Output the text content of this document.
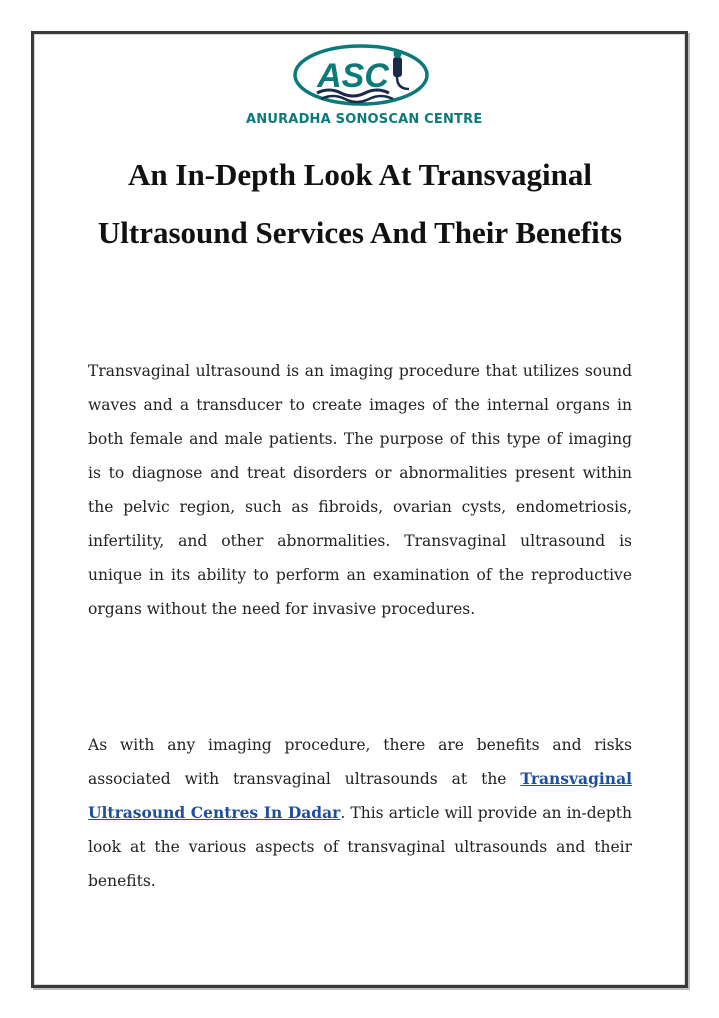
ASC
ANURADHA SONOSCAN CENTRE
An In-Depth Look At Transvaginal Ultrasound Services And Their Benefits

Transvaginal ultrasound is an imaging procedure that utilizes sound waves and a transducer to create images of the internal organs in both female and male patients. The purpose of this type of imaging is to diagnose and treat disorders or abnormalities present within the pelvic region, such as fibroids, ovarian cysts, endometriosis, infertility, and other abnormalities. Transvaginal ultrasound is unique in its ability to perform an examination of the reproductive organs without the need for invasive procedures.

As with any imaging procedure, there are benefits and risks associated with transvaginal ultrasounds at the Transvaginal Ultrasound Centres In Dadar. This article will provide an in-depth look at the various aspects of transvaginal ultrasounds and their benefits.
